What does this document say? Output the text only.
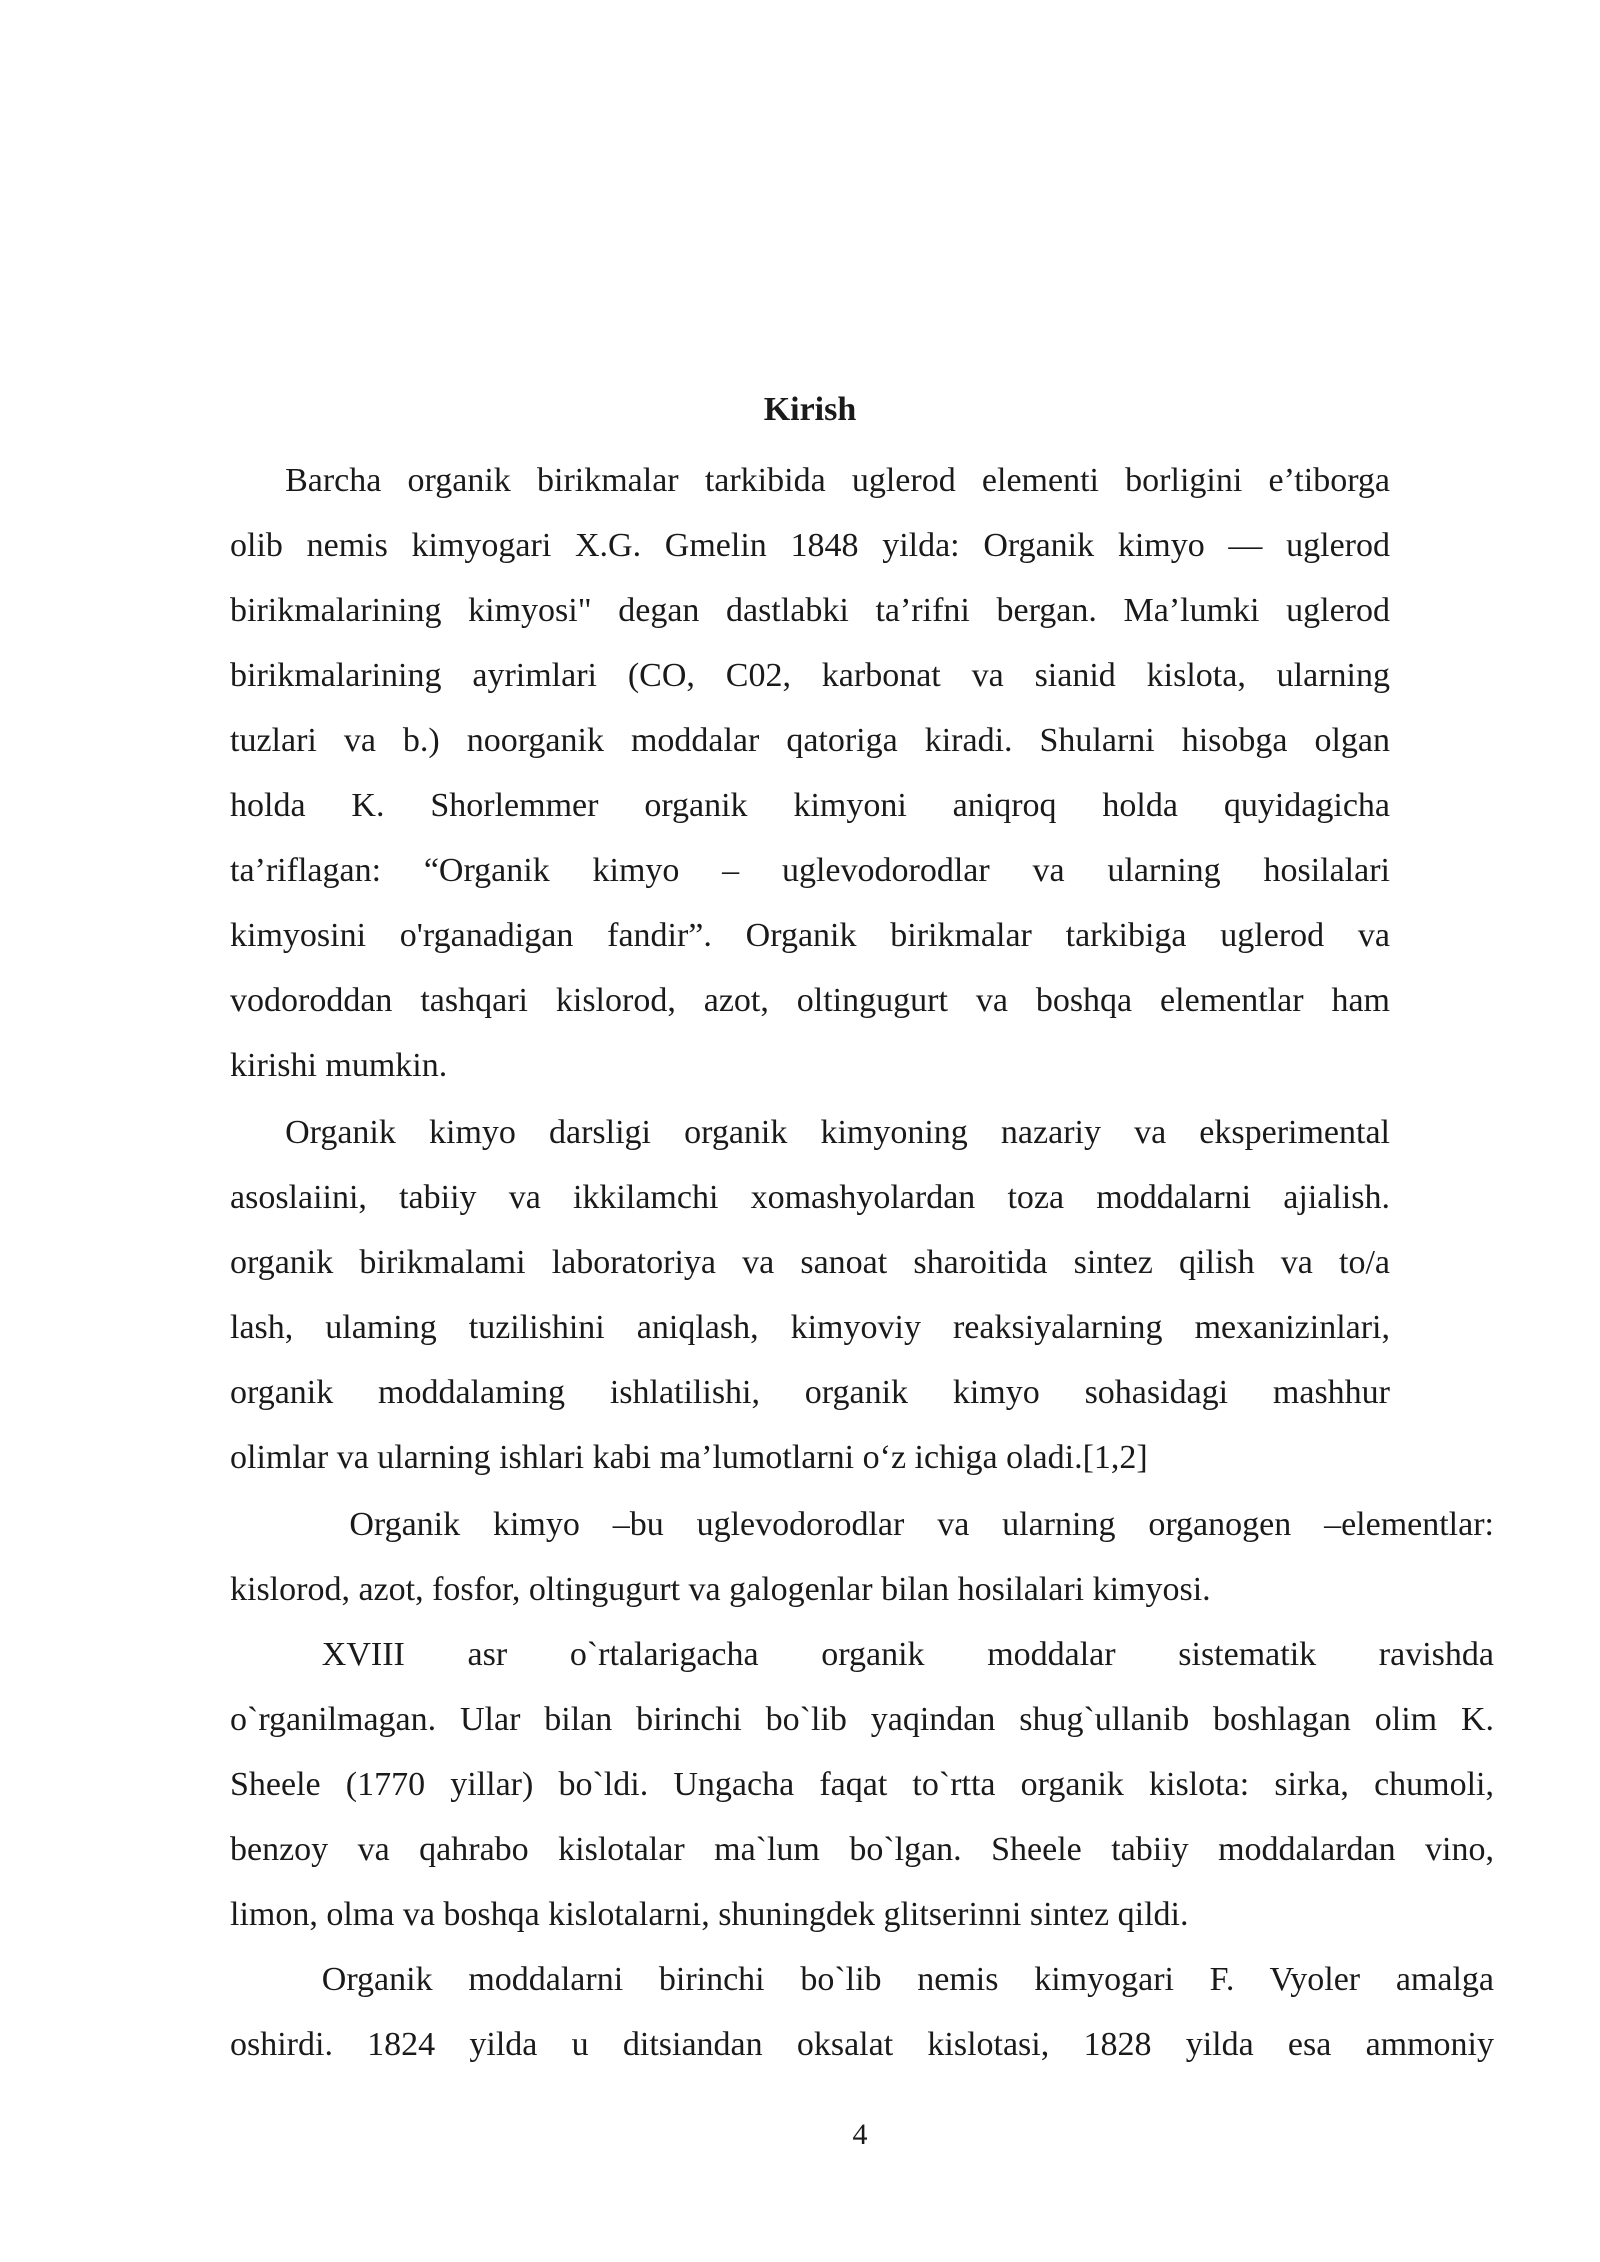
Kirish
Barcha organik birikmalar tarkibida uglerod elementi borligini e’tiborga
olib nemis kimyogari X.G. Gmelin 1848 yilda: Organik kimyo — uglerod
birikmalarining kimyosi" degan dastlabki ta’rifni bergan. Ma’lumki uglerod
birikmalarining ayrimlari (CO, C02, karbonat va sianid kislota, ularning
tuzlari va b.) noorganik moddalar qatoriga kiradi. Shularni hisobga olgan
holda K. Shorlemmer organik kimyoni aniqroq holda quyidagicha
ta’riflagan: “Organik kimyo – uglevodorodlar va ularning hosilalari
kimyosini o'rganadigan fandir”. Organik birikmalar tarkibiga uglerod va
vodoroddan tashqari kislorod, azot, oltingugurt va boshqa elementlar ham
kirishi mumkin.
Organik kimyo darsligi organik kimyoning nazariy va eksperimental
asoslaiini, tabiiy va ikkilamchi xomashyolardan toza moddalarni ajialish.
organik birikmalami laboratoriya va sanoat sharoitida sintez qilish va to/a
lash, ulaming tuzilishini aniqlash, kimyoviy reaksiyalarning mexanizinlari,
organik moddalaming ishlatilishi, organik kimyo sohasidagi mashhur
olimlar va ularning ishlari kabi ma’lumotlarni o‘z ichiga oladi.[1,2]
Organik kimyo –bu uglevodorodlar va ularning organogen –elementlar:
kislorod, azot, fosfor, oltingugurt va galogenlar bilan hosilalari kimyosi.
XVIII asr o`rtalarigacha organik moddalar sistematik ravishda
o`rganilmagan. Ular bilan birinchi bo`lib yaqindan shug`ullanib boshlagan olim K.
Sheele (1770 yillar) bo`ldi. Ungacha faqat to`rtta organik kislota: sirka, chumoli,
benzoy va qahrabo kislotalar ma`lum bo`lgan. Sheele tabiiy moddalardan vino,
limon, olma va boshqa kislotalarni, shuningdek glitserinni sintez qildi.
Organik moddalarni birinchi bo`lib nemis kimyogari F. Vyoler amalga
oshirdi. 1824 yilda u ditsiandan oksalat kislotasi, 1828 yilda esa ammoniy
4
